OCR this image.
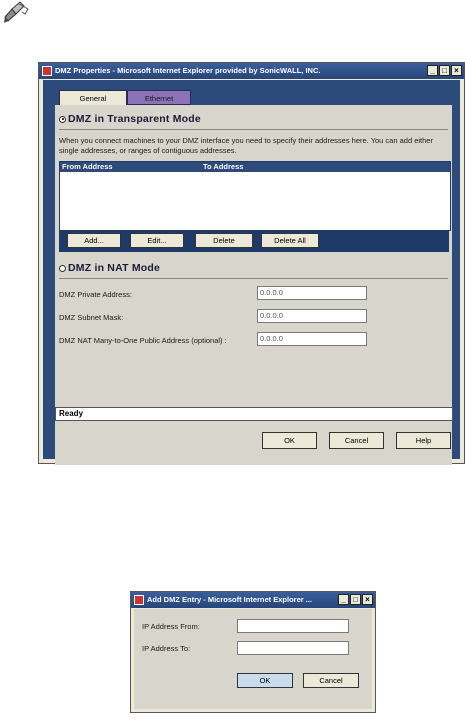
DMZ Properties - Microsoft Internet Explorer provided by SonicWALL, INC.	_ □ ×
General	Ethernet
DMZ in Transparent Mode
When you connect machines to your DMZ interface you need to specify their addresses here. You can add either single addresses, or ranges of contiguous addresses.
From Address	To Address
Add...	Edit...	Delete	Delete All
DMZ in NAT Mode
DMZ Private Address:	0.0.0.0
DMZ Subnet Mask:	0.0.0.0
DMZ NAT Many-to-One Public Address (optional) :	0.0.0.0
Ready
OK	Cancel	Help
Add DMZ Entry - Microsoft Internet Explorer ...	_ □ ×
IP Address From:
IP Address To:
OK	Cancel
